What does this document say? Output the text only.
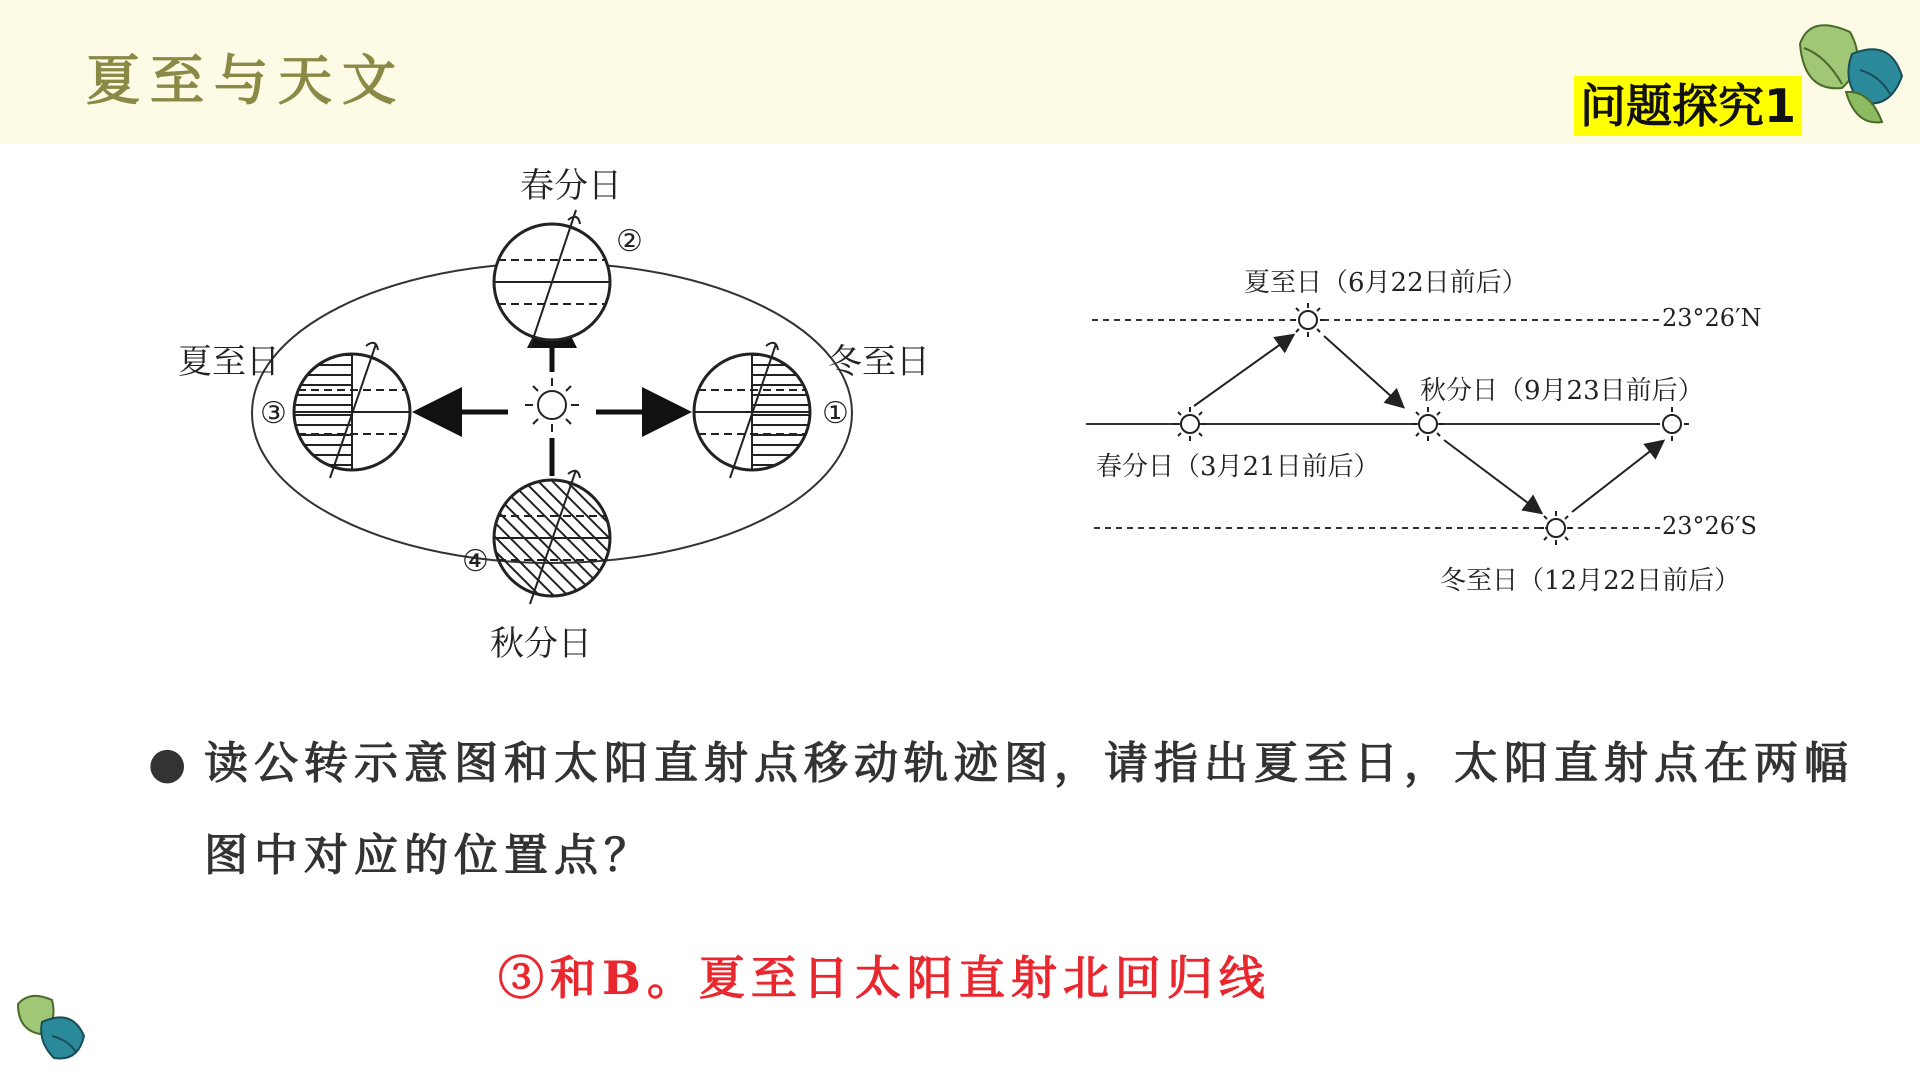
夏至与天文	问题探究1
春分日
夏至日	冬至日
秋分日
①
②
③
④
夏至日（6月22日前后）
春分日（3月21日前后）
秋分日（9月23日前后）
冬至日（12月22日前后）
23°26′N
23°26′S
● 读公转示意图和太阳直射点移动轨迹图，请指出夏至日，太阳直射点在两幅图中对应的位置点？
③和B。夏至日太阳直射北回归线
